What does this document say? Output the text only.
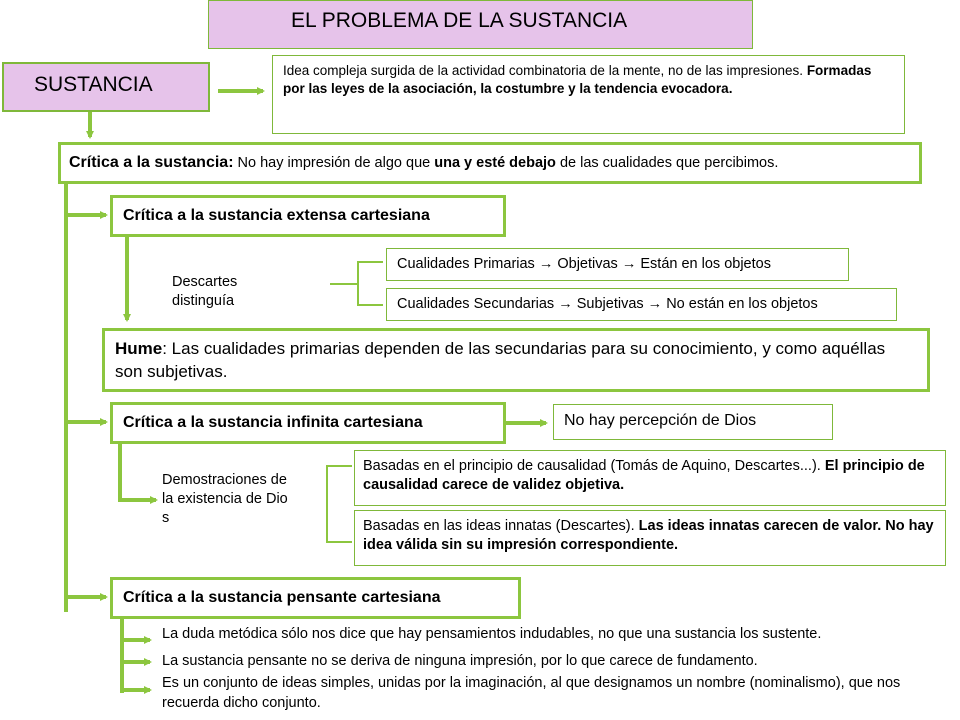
EL PROBLEMA DE LA SUSTANCIA
SUSTANCIA
Idea compleja surgida de la actividad combinatoria de la mente, no de las impresiones. Formadas por las leyes de la asociación, la costumbre y la tendencia evocadora.
Crítica a la sustancia: No hay impresión de algo que una y esté debajo de las cualidades que percibimos.
Crítica a la sustancia extensa cartesiana
Descartes distinguía
Cualidades Primarias → Objetivas → Están en los objetos
Cualidades Secundarias → Subjetivas → No están en los objetos
Hume: Las cualidades primarias dependen de las secundarias para su conocimiento, y como aquéllas son subjetivas.
Crítica a la sustancia infinita cartesiana	No hay percepción de Dios
Demostraciones de la existencia de Dios
Basadas en el principio de causalidad (Tomás de Aquino, Descartes...). El principio de causalidad carece de validez objetiva.
Basadas en las ideas innatas (Descartes). Las ideas innatas carecen de valor. No hay idea válida sin su impresión correspondiente.
Crítica a la sustancia pensante cartesiana
La duda metódica sólo nos dice que hay pensamientos indudables, no que una sustancia los sustente.
La sustancia pensante no se deriva de ninguna impresión, por lo que carece de fundamento.
Es un conjunto de ideas simples, unidas por la imaginación, al que designamos un nombre (nominalismo), que nos recuerda dicho conjunto.
